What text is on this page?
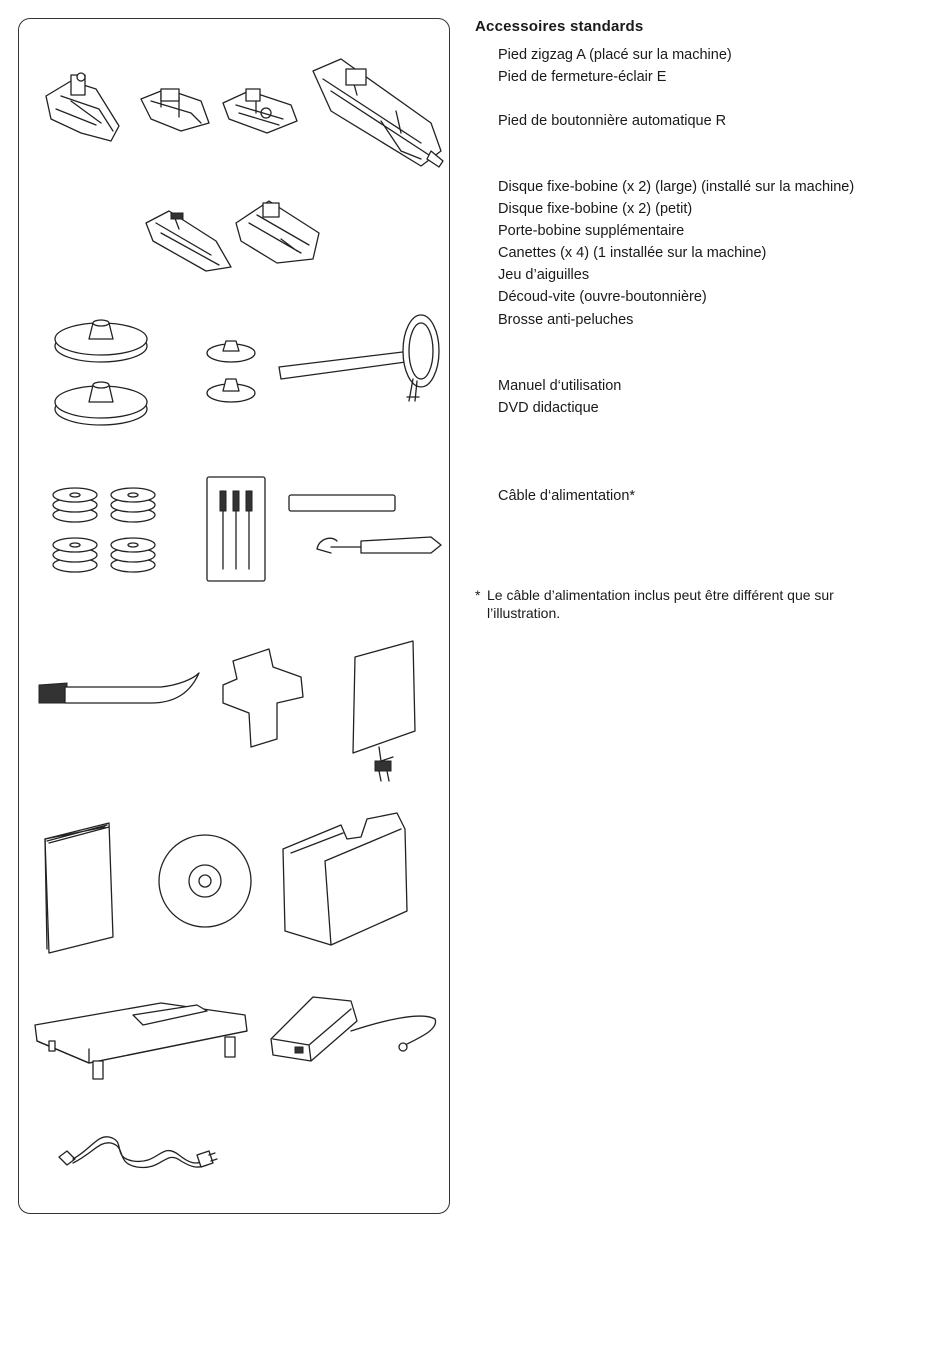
Accessoires standards
Pied zigzag A (placé sur la machine)
Pied de fermeture-éclair E
Pied de boutonnière automatique R
Disque fixe-bobine (x 2) (large) (installé sur la machine)
Disque fixe-bobine (x 2) (petit)
Porte-bobine supplémentaire
Canettes (x 4) (1 installée sur la machine)
Jeu d’aiguilles
Découd-vite (ouvre-boutonnière)
Brosse anti-peluches
Manuel d‘utilisation
DVD didactique
Câble d‘alimentation*
* Le câble d’alimentation inclus peut être différent que sur l’illustration.
